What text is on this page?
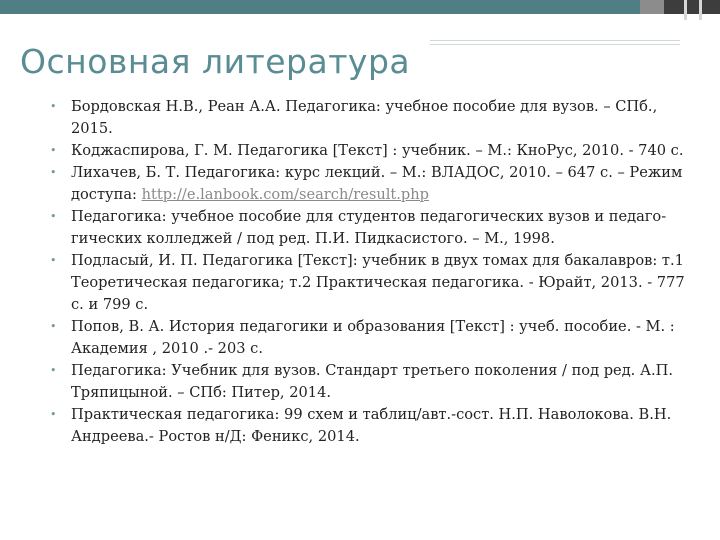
Основная литература
• Бордовская Н.В., Реан А.А. Педагогика: учебное пособие для вузов. – СПб., 2015.
• Коджаспирова, Г. М. Педагогика [Текст] : учебник. – М.: КноРус, 2010. - 740 с.
• Лихачев, Б. Т. Педагогика: курс лекций. – М.: ВЛАДОС, 2010. – 647 с. – Режим доступа: http://e.lanbook.com/search/result.php
• Педагогика: учебное пособие для студентов педагогических вузов и педаго-гических колледжей / под ред. П.И. Пидкасистого. – М., 1998.
• Подласый, И. П. Педагогика [Текст]: учебник в двух томах для бакалавров: т.1 Теоретическая педагогика; т.2 Практическая педагогика. - Юрайт, 2013. - 777 с. и 799 с.
• Попов, В. А. История педагогики и образования [Текст] : учеб. пособие. - М. : Академия , 2010 .- 203 с.
• Педагогика: Учебник для вузов. Стандарт третьего поколения / под ред. А.П. Тряпицыной. – СПб: Питер, 2014.
• Практическая педагогика: 99 схем и таблиц/авт.-сост. Н.П. Наволокова. В.Н. Андреева.- Ростов н/Д: Феникс, 2014.
